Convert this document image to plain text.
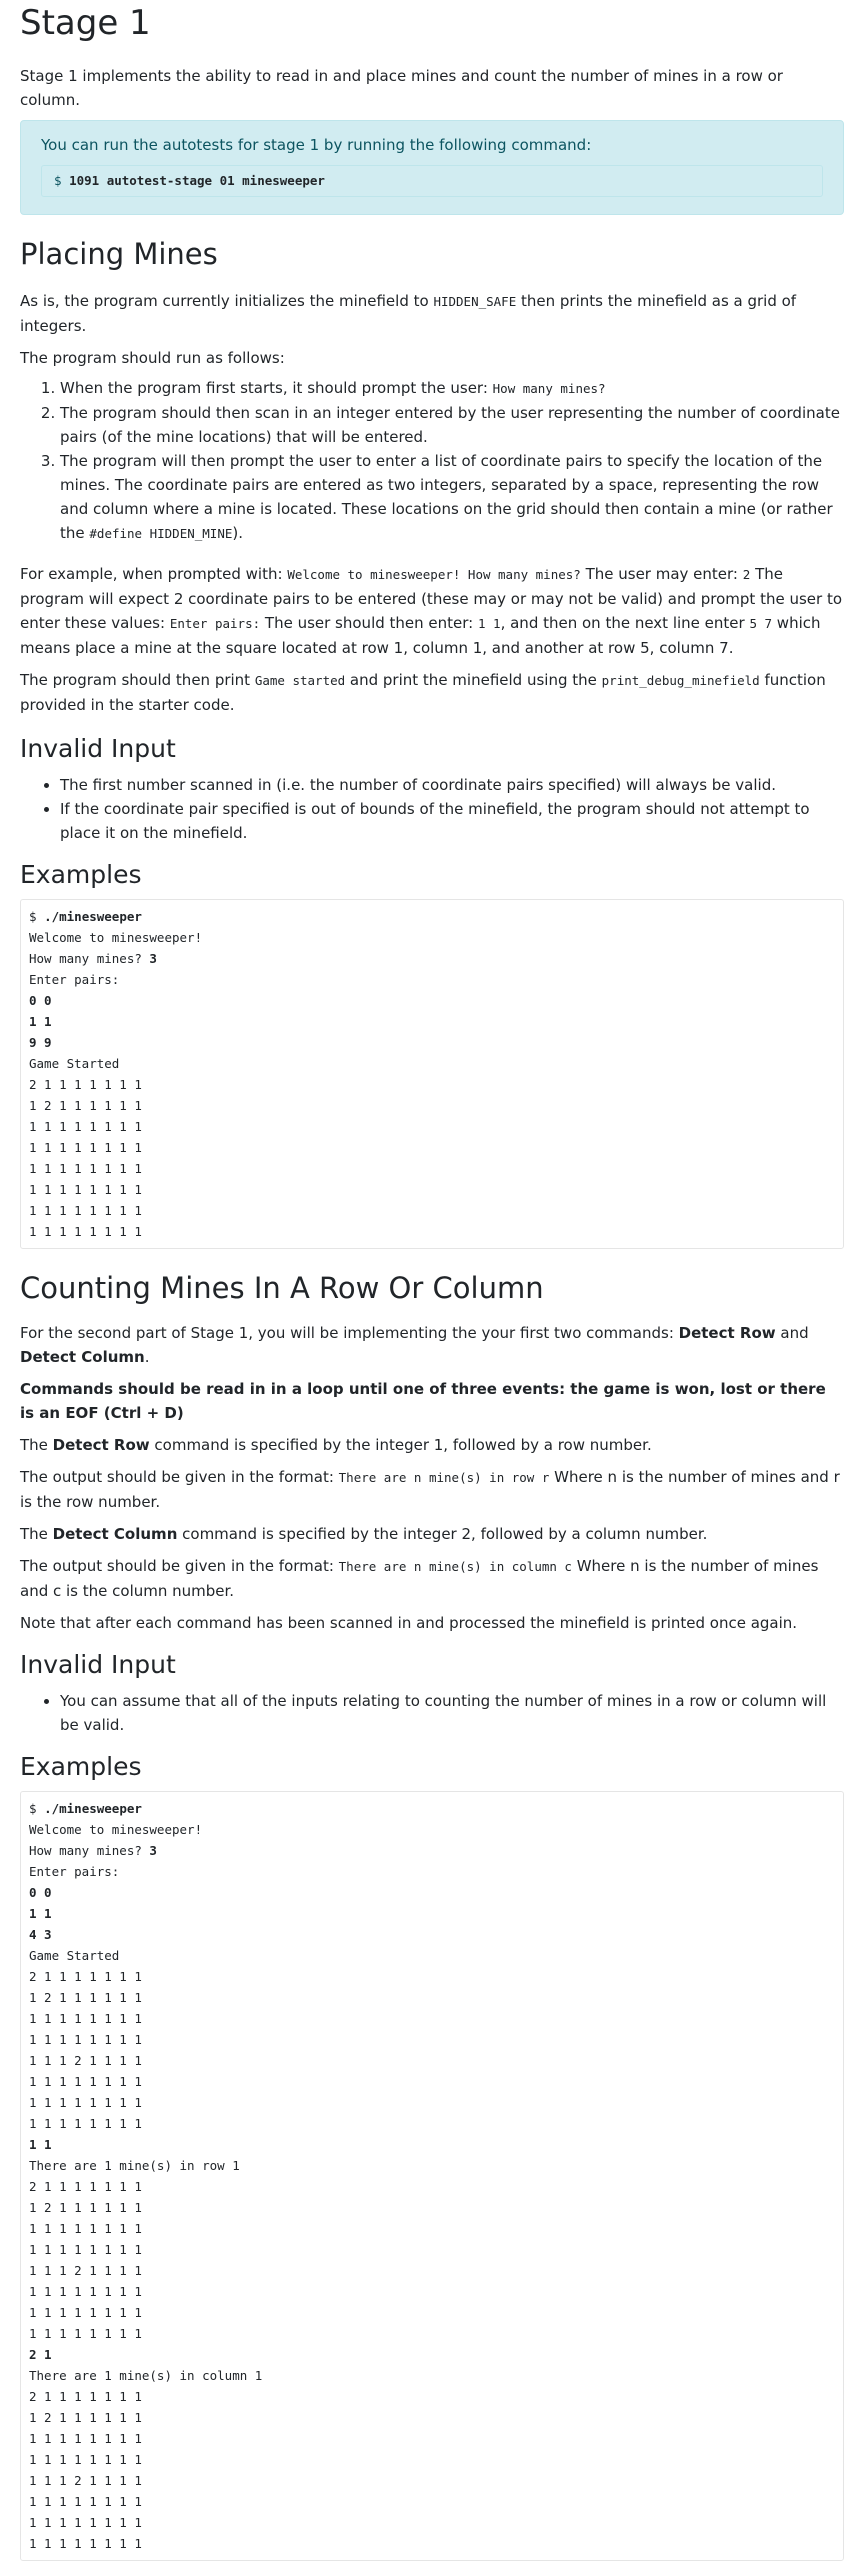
Stage 1

Stage 1 implements the ability to read in and place mines and count the number of mines in a row or column.

You can run the autotests for stage 1 by running the following command:
$ 1091 autotest-stage 01 minesweeper
Placing Mines

As is, the program currently initializes the minefield to HIDDEN_SAFE then prints the minefield as a grid of integers.

The program should run as follows:

1. When the program first starts, it should prompt the user: How many mines?
2. The program should then scan in an integer entered by the user representing the number of coordinate pairs (of the mine locations) that will be entered.
3. The program will then prompt the user to enter a list of coordinate pairs to specify the location of the mines. The coordinate pairs are entered as two integers, separated by a space, representing the row and column where a mine is located. These locations on the grid should then contain a mine (or rather the #define HIDDEN_MINE).

For example, when prompted with: Welcome to minesweeper! How many mines? The user may enter: 2 The program will expect 2 coordinate pairs to be entered (these may or may not be valid) and prompt the user to enter these values: Enter pairs: The user should then enter: 1 1, and then on the next line enter 5 7 which means place a mine at the square located at row 1, column 1, and another at row 5, column 7.

The program should then print Game started and print the minefield using the print_debug_minefield function provided in the starter code.

Invalid Input
• The first number scanned in (i.e. the number of coordinate pairs specified) will always be valid.
• If the coordinate pair specified is out of bounds of the minefield, the program should not attempt to place it on the minefield.
Examples
$ ./minesweeper
Welcome to minesweeper!
How many mines? 3
Enter pairs:
0 0
1 1
9 9
Game Started
2 1 1 1 1 1 1 1
1 2 1 1 1 1 1 1
1 1 1 1 1 1 1 1
1 1 1 1 1 1 1 1
1 1 1 1 1 1 1 1
1 1 1 1 1 1 1 1
1 1 1 1 1 1 1 1
1 1 1 1 1 1 1 1
Counting Mines In A Row Or Column

For the second part of Stage 1, you will be implementing the your first two commands: Detect Row and Detect Column.

Commands should be read in in a loop until one of three events: the game is won, lost or there is an EOF (Ctrl + D)

The Detect Row command is specified by the integer 1, followed by a row number.

The output should be given in the format: There are n mine(s) in row r Where n is the number of mines and r is the row number.

The Detect Column command is specified by the integer 2, followed by a column number.

The output should be given in the format: There are n mine(s) in column c Where n is the number of mines and c is the column number.

Note that after each command has been scanned in and processed the minefield is printed once again.

Invalid Input
• You can assume that all of the inputs relating to counting the number of mines in a row or column will be valid.
Examples
$ ./minesweeper
Welcome to minesweeper!
How many mines? 3
Enter pairs:
0 0
1 1
4 3
Game Started
2 1 1 1 1 1 1 1
1 2 1 1 1 1 1 1
1 1 1 1 1 1 1 1
1 1 1 1 1 1 1 1
1 1 1 2 1 1 1 1
1 1 1 1 1 1 1 1
1 1 1 1 1 1 1 1
1 1 1 1 1 1 1 1
1 1
There are 1 mine(s) in row 1
2 1 1 1 1 1 1 1
1 2 1 1 1 1 1 1
1 1 1 1 1 1 1 1
1 1 1 1 1 1 1 1
1 1 1 2 1 1 1 1
1 1 1 1 1 1 1 1
1 1 1 1 1 1 1 1
1 1 1 1 1 1 1 1
2 1
There are 1 mine(s) in column 1
2 1 1 1 1 1 1 1
1 2 1 1 1 1 1 1
1 1 1 1 1 1 1 1
1 1 1 1 1 1 1 1
1 1 1 2 1 1 1 1
1 1 1 1 1 1 1 1
1 1 1 1 1 1 1 1
1 1 1 1 1 1 1 1
